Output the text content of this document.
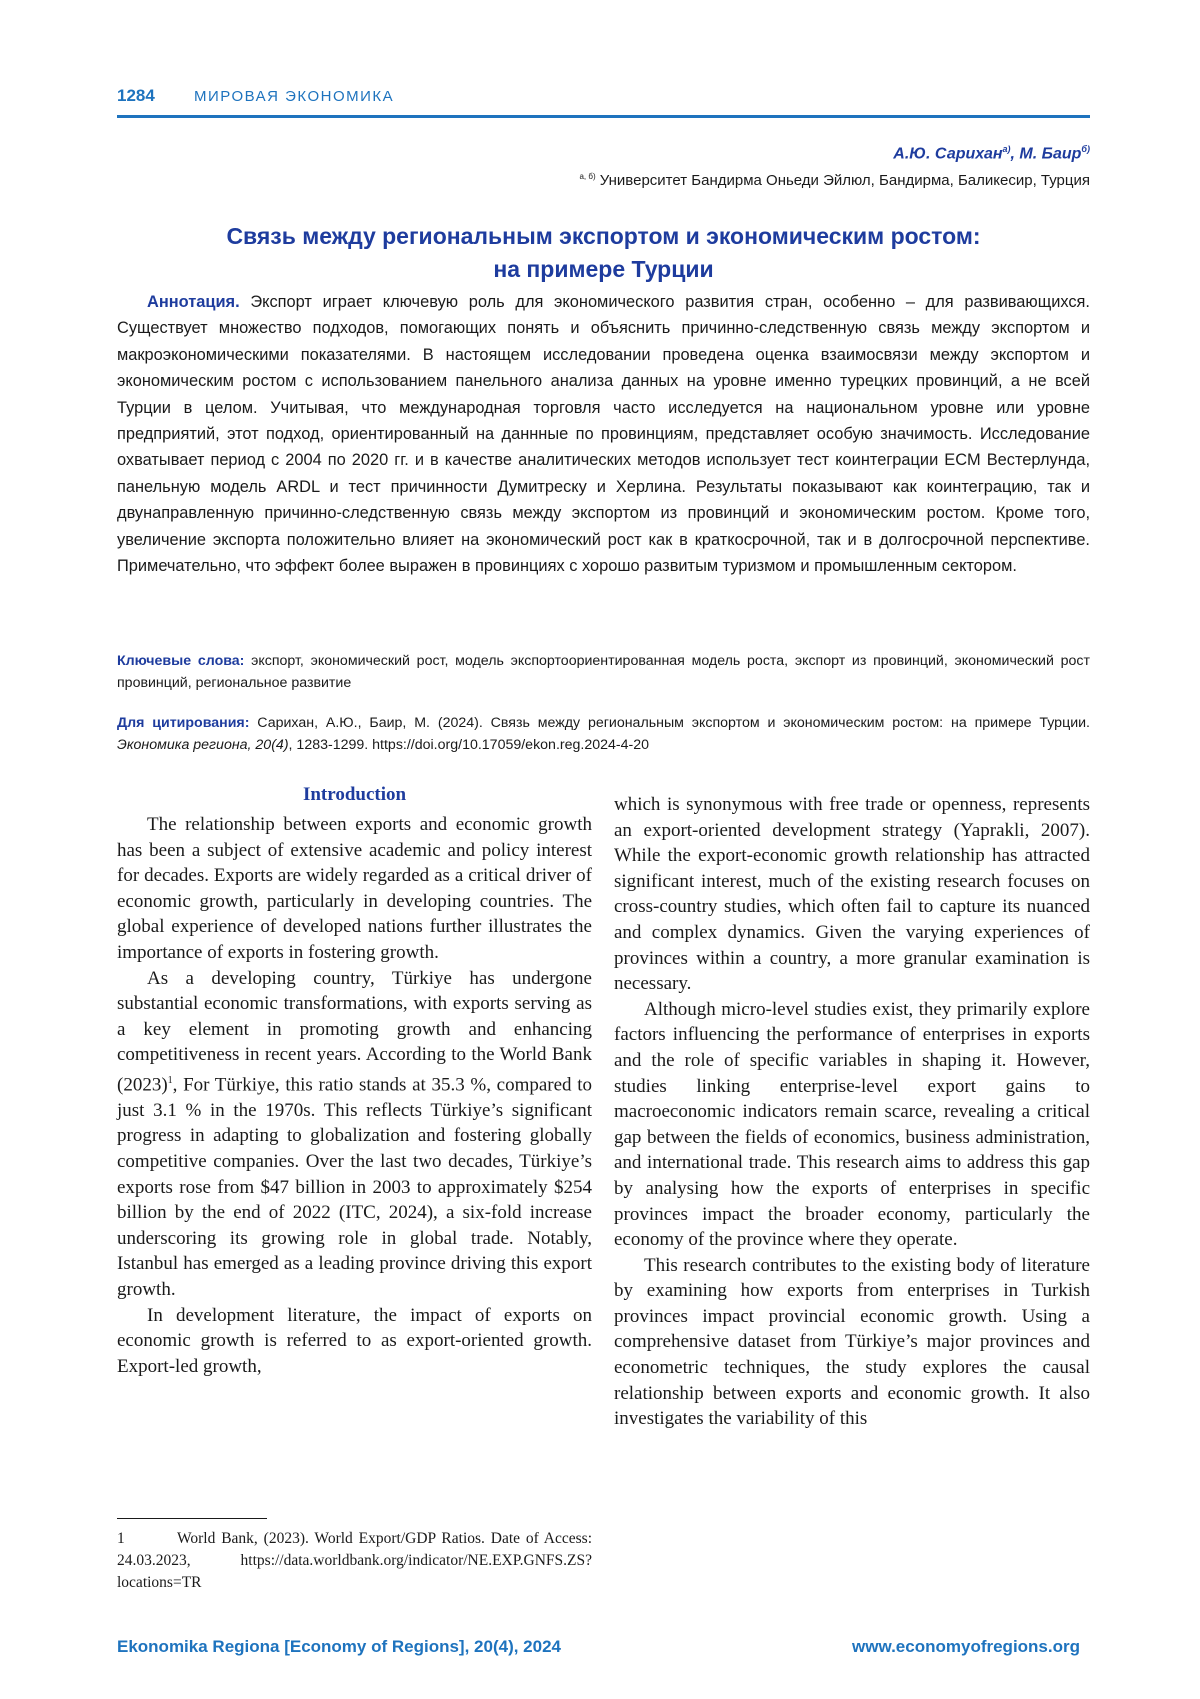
1284	МИРОВАЯ ЭКОНОМИКА
А.Ю. Сарихан$^{а)}$, М. Баир$^{б)}$
$^{а, б)}$ Университет Бандирма Оньеди Эйлюл, Бандирма, Баликесир, Турция
Связь между региональным экспортом и экономическим ростом:
на примере Турции
Аннотация. Экспорт играет ключевую роль для экономического развития стран, особенно – для развивающихся. Существует множество подходов, помогающих понять и объяснить причинно-следственную связь между экспортом и макроэкономическими показателями. В настоящем исследовании проведена оценка взаимосвязи между экспортом и экономическим ростом с использованием панельного анализа данных на уровне именно турецких провинций, а не всей Турции в целом. Учитывая, что международная торговля часто исследуется на национальном уровне или уровне предприятий, этот подход, ориентированный на даннные по провинциям, представляет особую значимость. Исследование охватывает период с 2004 по 2020 гг. и в качестве аналитических методов использует тест коинтеграции ECM Вестерлунда, панельную модель ARDL и тест причинности Думитреску и Херлина. Результаты показывают как коинтеграцию, так и двунаправленную причинно-следственную связь между экспортом из провинций и экономическим ростом. Кроме того, увеличение экспорта положительно влияет на экономический рост как в краткосрочной, так и в долгосрочной перспективе. Примечательно, что эффект более выражен в провинциях с хорошо развитым туризмом и промышленным сектором.
Ключевые слова: экспорт, экономический рост, модель экспортоориентированная модель роста, экспорт из провинций, экономический рост провинций, региональное развитие
Для цитирования: Сарихан, А.Ю., Баир, М. (2024). Связь между региональным экспортом и экономическим ростом: на примере Турции. Экономика региона, 20(4), 1283-1299. https://doi.org/10.17059/ekon.reg.2024-4-20
Introduction

The relationship between exports and economic growth has been a subject of extensive academic and policy interest for decades. Exports are widely regarded as a critical driver of economic growth, particularly in developing countries. The global experience of developed nations further illustrates the importance of exports in fostering growth.

As a developing country, Türkiye has undergone substantial economic transformations, with exports serving as a key element in promoting growth and enhancing competitiveness in recent years. According to the World Bank $(2023)^1$, For Türkiye, this ratio stands at 35.3 %, compared to just 3.1 % in the 1970s. This reflects Türkiye’s significant progress in adapting to globalization and fostering globally competitive companies. Over the last two decades, Türkiye’s exports rose from $47 billion in 2003 to approximately $254 billion by the end of 2022 (ITC, 2024), a six-fold increase underscoring its growing role in global trade. Notably, Istanbul has emerged as a leading province driving this export growth.

In development literature, the impact of exports on economic growth is referred to as export-oriented growth. Export-led growth,

which is synonymous with free trade or openness, represents an export-oriented development strategy (Yaprakli, 2007). While the export-economic growth relationship has attracted significant interest, much of the existing research focuses on cross-country studies, which often fail to capture its nuanced and complex dynamics. Given the varying experiences of provinces within a country, a more granular examination is necessary.

Although micro-level studies exist, they primarily explore factors influencing the performance of enterprises in exports and the role of specific variables in shaping it. However, studies linking enterprise-level export gains to macroeconomic indicators remain scarce, revealing a critical gap between the fields of economics, business administration, and international trade. This research aims to address this gap by analysing how the exports of enterprises in specific provinces impact the broader economy, particularly the economy of the province where they operate.

This research contributes to the existing body of literature by examining how exports from enterprises in Turkish provinces impact provincial economic growth. Using a comprehensive dataset from Türkiye’s major provinces and econometric techniques, the study explores the causal relationship between exports and economic growth. It also investigates the variability of this

1	World Bank, (2023). World Export/GDP Ratios. Date of Access: 24.03.2023, https://data.worldbank.org/indicator/NE.EXP.GNFS.ZS?locations=TR
Ekonomika Regiona [Economy of Regions], 20(4), 2024	www.economyofregions.org
